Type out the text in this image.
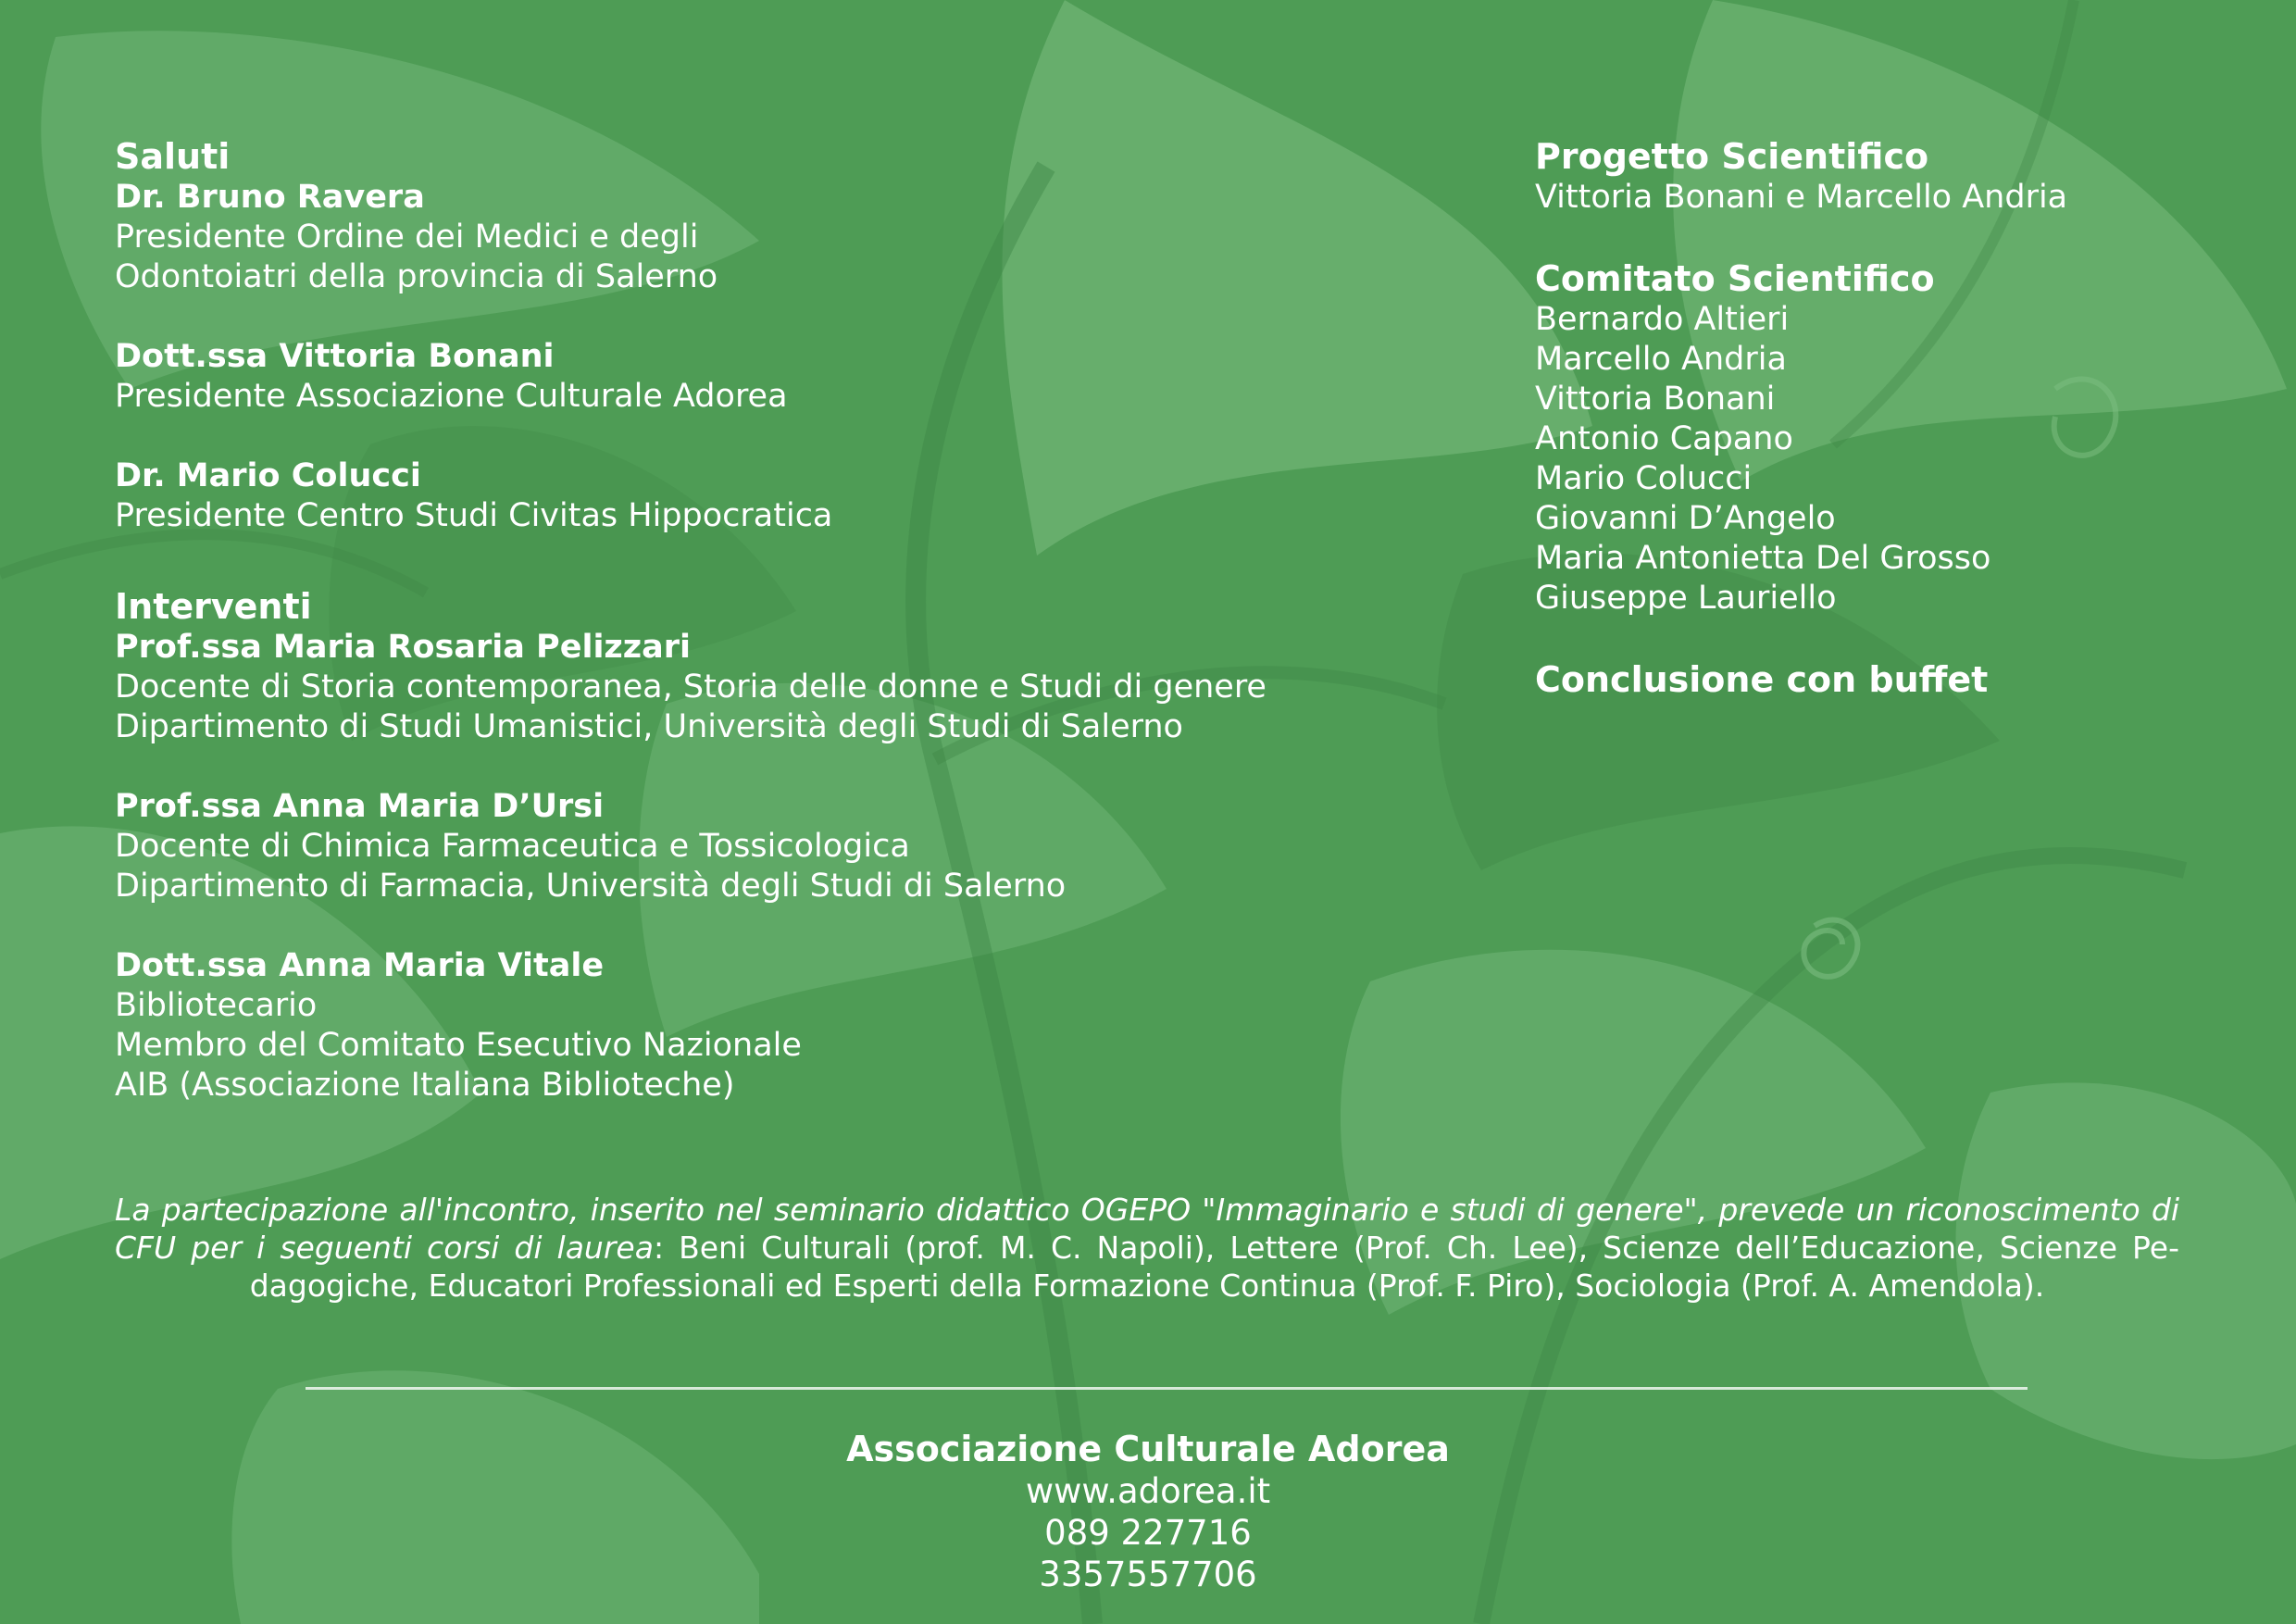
Saluti
Dr. Bruno Ravera
Presidente Ordine dei Medici e degli
Odontoiatri della provincia di Salerno
Dott.ssa Vittoria Bonani
Presidente Associazione Culturale Adorea
Dr. Mario Colucci
Presidente Centro Studi Civitas Hippocratica
Interventi
Prof.ssa Maria Rosaria Pelizzari
Docente di Storia contemporanea, Storia delle donne e Studi di genere
Dipartimento di Studi Umanistici, Università degli Studi di Salerno
Prof.ssa Anna Maria D’Ursi
Docente di Chimica Farmaceutica e Tossicologica
Dipartimento di Farmacia, Università degli Studi di Salerno
Dott.ssa Anna Maria Vitale
Bibliotecario
Membro del Comitato Esecutivo Nazionale
AIB (Associazione Italiana Biblioteche)
Progetto Scientifico
Vittoria Bonani e Marcello Andria
Comitato Scientifico
Bernardo Altieri
Marcello Andria
Vittoria Bonani
Antonio Capano
Mario Colucci
Giovanni D’Angelo
Maria Antonietta Del Grosso
Giuseppe Lauriello
Conclusione con buffet
La partecipazione all'incontro, inserito nel seminario didattico OGEPO "Immaginario e studi di genere", prevede un riconoscimento di CFU per i seguenti corsi di laurea: Beni Culturali (prof. M. C. Napoli), Lettere (Prof. Ch. Lee), Scienze dell’Educazione, Scienze Pe-dagogiche, Educatori Professionali ed Esperti della Formazione Continua (Prof. F. Piro), Sociologia (Prof. A. Amendola).
Associazione Culturale Adorea
www.adorea.it
089 227716
3357557706
